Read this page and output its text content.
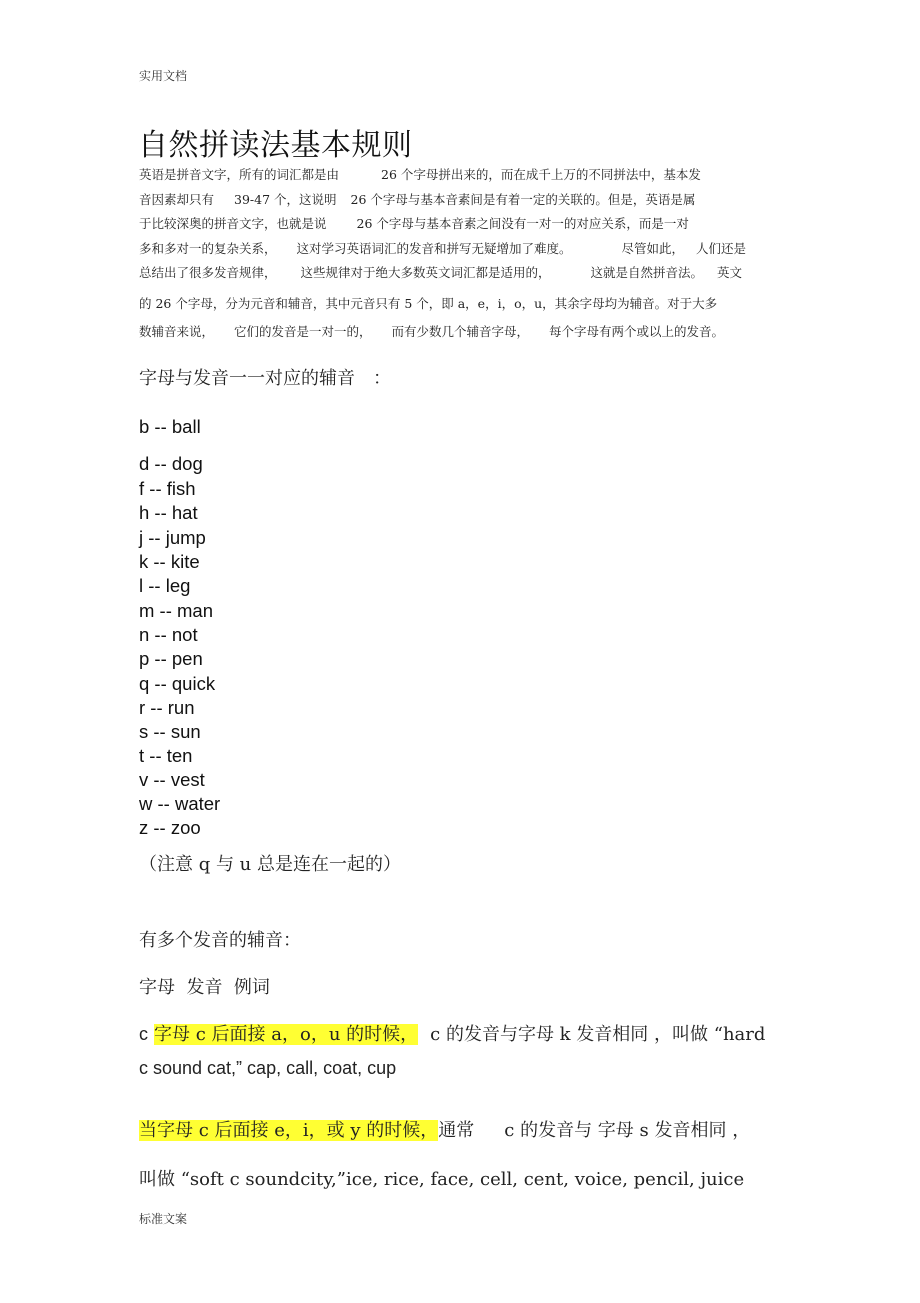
实用文档
自然拼读法基本规则
英语是拼音文字，所有的词汇都是由	26 个字母拼出来的，而在成千上万的不同拼法中，基本发
音因素却只有 39-47 个，这说明 26 个字母与基本音素间是有着一定的关联的。但是，英语是属
于比较深奥的拼音文字，也就是说 26 个字母与基本音素之间没有一对一的对应关系，而是一对
多和多对一的复杂关系， 这对学习英语词汇的发音和拼写无疑增加了难度。	尽管如此， 人们还是
总结出了很多发音规律， 这些规律对于绝大多数英文词汇都是适用的，	这就是自然拼音法。 英文
的 26 个字母，分为元音和辅音，其中元音只有 5 个，即 a，e，i，o，u，其余字母均为辅音。对于大多
数辅音来说， 它们的发音是一对一的， 而有少数几个辅音字母， 每个字母有两个或以上的发音。
字母与发音一一对应的辅音 ：
b -- ball
d -- dog
f -- fish
h -- hat
j -- jump
k -- kite
l -- leg
m -- man
n -- not
p -- pen
q -- quick
r -- run
s -- sun
t -- ten
v -- vest
w -- water
z -- zoo
（注意 q 与 u 总是连在一起的）
有多个发音的辅音：
字母  发音  例词
c 字母 c 后面接 a，o，u 的时候， c 的发音与字母 k 发音相同 ，叫做 “hard
c sound cat,” cap, call, coat, cup
当字母 c 后面接 e，i，或 y 的时候，通常 c 的发音与 字母 s 发音相同 ，
叫做 “soft c soundcity,”ice, rice, face, cell, cent, voice, pencil, juice
标准文案
